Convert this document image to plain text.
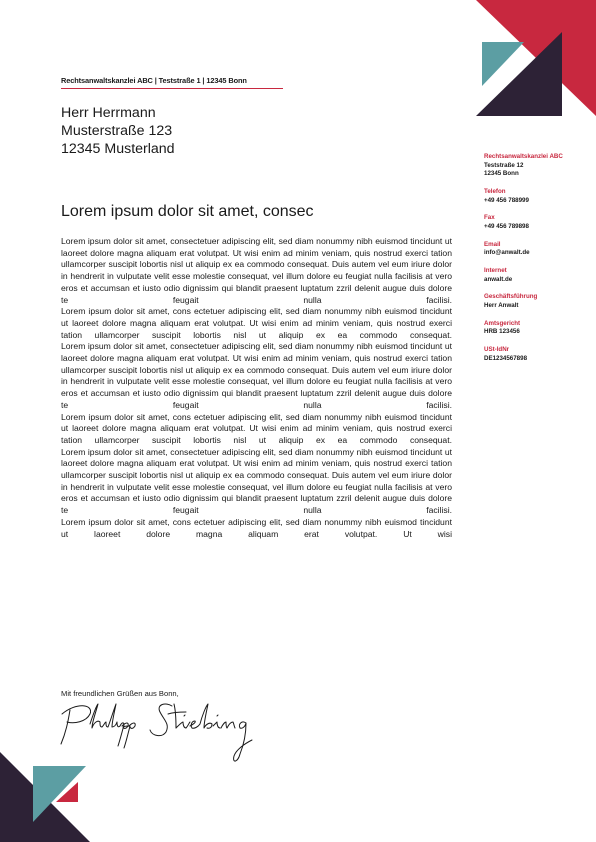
Rechtsanwaltskanzlei ABC | Teststraße 1 | 12345 Bonn
Herr Herrmann
Musterstraße 123
12345 Musterland
Lorem ipsum dolor sit amet, consec

Lorem ipsum dolor sit amet, consectetuer adipiscing elit, sed diam nonummy nibh euismod tincidunt ut laoreet dolore magna aliquam erat volutpat. Ut wisi enim ad minim veniam, quis nostrud exerci tation ullamcorper suscipit lobortis nisl ut aliquip ex ea commodo consequat. Duis autem vel eum iriure dolor in hendrerit in vulputate velit esse molestie consequat, vel illum dolore eu feugiat nulla facilisis at vero eros et accumsan et iusto odio dignissim qui blandit praesent luptatum zzril delenit augue duis dolore te feugait nulla facilisi.

Lorem ipsum dolor sit amet, cons ectetuer adipiscing elit, sed diam nonummy nibh euismod tincidunt ut laoreet dolore magna aliquam erat volutpat. Ut wisi enim ad minim veniam, quis nostrud exerci tation ullamcorper suscipit lobortis nisl ut aliquip ex ea commodo consequat.

Lorem ipsum dolor sit amet, consectetuer adipiscing elit, sed diam nonummy nibh euismod tincidunt ut laoreet dolore magna aliquam erat volutpat. Ut wisi enim ad minim veniam, quis nostrud exerci tation ullamcorper suscipit lobortis nisl ut aliquip ex ea commodo consequat. Duis autem vel eum iriure dolor in hendrerit in vulputate velit esse molestie consequat, vel illum dolore eu feugiat nulla facilisis at vero eros et accumsan et iusto odio dignissim qui blandit praesent luptatum zzril delenit augue duis dolore te feugait nulla facilisi.

Lorem ipsum dolor sit amet, cons ectetuer adipiscing elit, sed diam nonummy nibh euismod tincidunt ut laoreet dolore magna aliquam erat volutpat. Ut wisi enim ad minim veniam, quis nostrud exerci tation ullamcorper suscipit lobortis nisl ut aliquip ex ea commodo consequat.

Lorem ipsum dolor sit amet, consectetuer adipiscing elit, sed diam nonummy nibh euismod tincidunt ut laoreet dolore magna aliquam erat volutpat. Ut wisi enim ad minim veniam, quis nostrud exerci tation ullamcorper suscipit lobortis nisl ut aliquip ex ea commodo consequat. Duis autem vel eum iriure dolor in hendrerit in vulputate velit esse molestie consequat, vel illum dolore eu feugiat nulla facilisis at vero eros et accumsan et iusto odio dignissim qui blandit praesent luptatum zzril delenit augue duis dolore te feugait nulla facilisi.

Lorem ipsum dolor sit amet, cons ectetuer adipiscing elit, sed diam nonummy nibh euismod tincidunt ut laoreet dolore magna aliquam erat volutpat. Ut wisi

Mit freundlichen Grüßen aus Bonn,
Rechtsanwaltskanzlei ABC
Teststraße 12
12345 Bonn
Telefon
+49 456 788999
Fax
+49 456 789898
Email
info@anwalt.de
Internet
anwalt.de
Geschäftsführung
Herr Anwalt
Amtsgericht
HRB 123456
USt-IdNr
DE1234567898
